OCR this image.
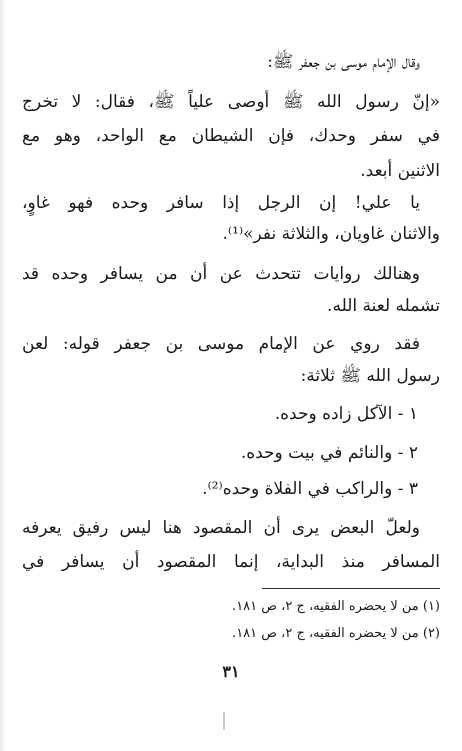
وقال الإمام موسى بن جعفر ﷺ:
«إنّ رسول الله ﷺ أوصى علياً ﷺ، فقال: لا تخرج
في سفر وحدك، فإن الشيطان مع الواحد، وهو مع
الاثنين أبعد.
يا علي! إن الرجل إذا سافر وحده فهو غاوٍ،
والاثنان غاويان، والثلاثة نفر»⁽¹⁾.
وهنالك روايات تتحدث عن أن من يسافر وحده قد
تشمله لعنة الله.
فقد روي عن الإمام موسى بن جعفر قوله: لعن
رسول الله ﷺ ثلاثة:
١ - الآكل زاده وحده.
٢ - والنائم في بيت وحده.
٣ - والراكب في الفلاة وحده⁽²⁾.
ولعلّ البعض يرى أن المقصود هنا ليس رفيق يعرفه
المسافر منذ البداية، إنما المقصود أن يسافر في
(١) من لا يحضره الفقيه، ج ٢، ص ١٨١.
(٢) من لا يحضره الفقيه، ج ٢، ص ١٨١.
٣١
